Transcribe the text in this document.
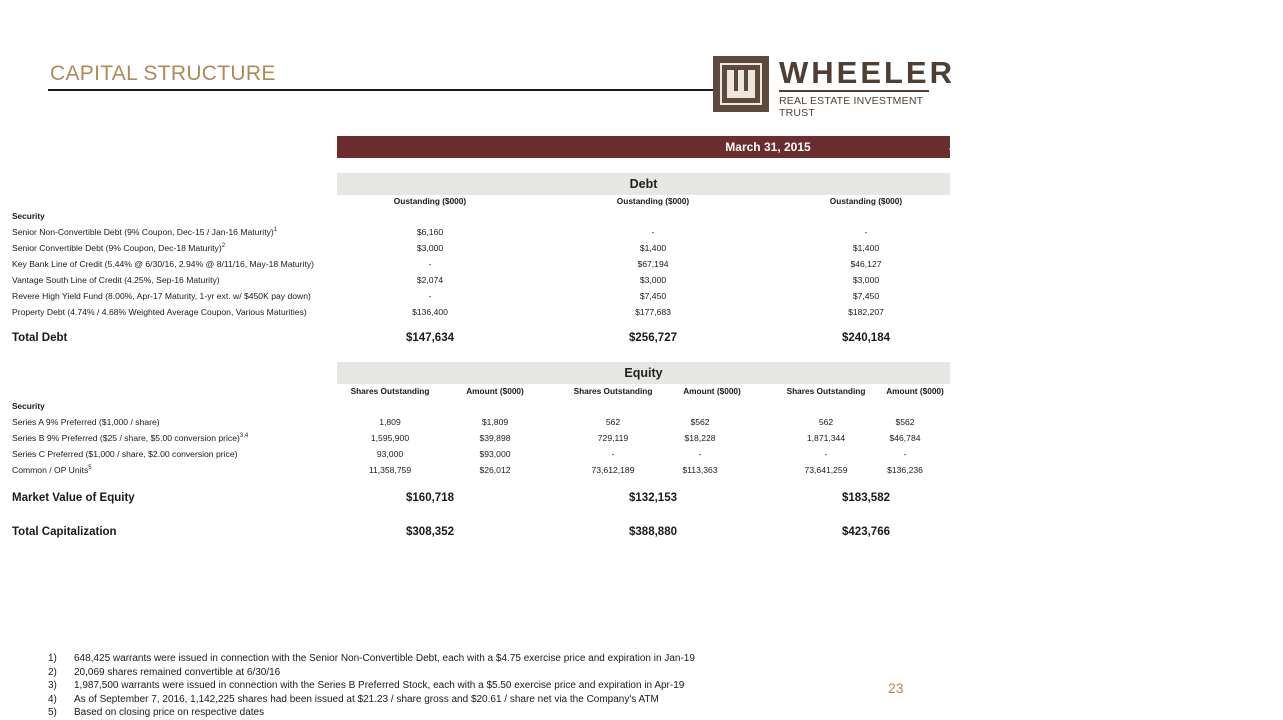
CAPITAL STRUCTURE	WHEELER
REAL ESTATE INVESTMENT TRUST
March 31, 2015	June 30, 2016	September 7, 2016
Debt
Oustanding ($000)	Oustanding ($000)	Oustanding ($000)
Security
Senior Non-Convertible Debt (9% Coupon, Dec-15 / Jan-16 Maturity)$^1$	$6,160	-	-
Senior Convertible Debt (9% Coupon, Dec-18 Maturity)$^2$	$3,000	$1,400	$1,400
Key Bank Line of Credit (5.44% @ 6/30/16, 2.94% @ 8/11/16, May-18 Maturity)	-	$67,194	$46,127
Vantage South Line of Credit (4.25%, Sep-16 Maturity)	$2,074	$3,000	$3,000
Revere High Yield Fund (8.00%, Apr-17 Maturity, 1-yr ext. w/ $450K pay down)	-	$7,450	$7,450
Property Debt (4.74% / 4.68% Weighted Average Coupon, Various Maturities)	$136,400	$177,683	$182,207
Total Debt	$147,634	$256,727	$240,184
Equity
Shares Outstanding	Amount ($000)	Shares Outstanding	Amount ($000)	Shares Outstanding	Amount ($000)
Security
Series A 9% Preferred ($1,000 / share)	1,809	$1,809	562	$562	562	$562
Series B 9% Preferred ($25 / share, $5.00 conversion price)$^{3,4}$	1,595,900	$39,898	729,119	$18,228	1,871,344	$46,784
Series C Preferred ($1,000 / share, $2.00 conversion price)	93,000	$93,000	-	-	-	-
Common / OP Units$^5$	11,358,759	$26,012	73,612,189	$113,363	73,641,259	$136,236
Market Value of Equity	$160,718	$132,153	$183,582
Total Capitalization	$308,352	$388,880	$423,766
1) 648,425 warrants were issued in connection with the Senior Non-Convertible Debt, each with a $4.75 exercise price and expiration in Jan-19
2) 20,069 shares remained convertible at 6/30/16
3) 1,987,500 warrants were issued in connection with the Series B Preferred Stock, each with a $5.50 exercise price and expiration in Apr-19
4) As of September 7, 2016, 1,142,225 shares had been issued at $21.23 / share gross and $20.61 / share net via the Company's ATM
5) Based on closing price on respective dates
23
